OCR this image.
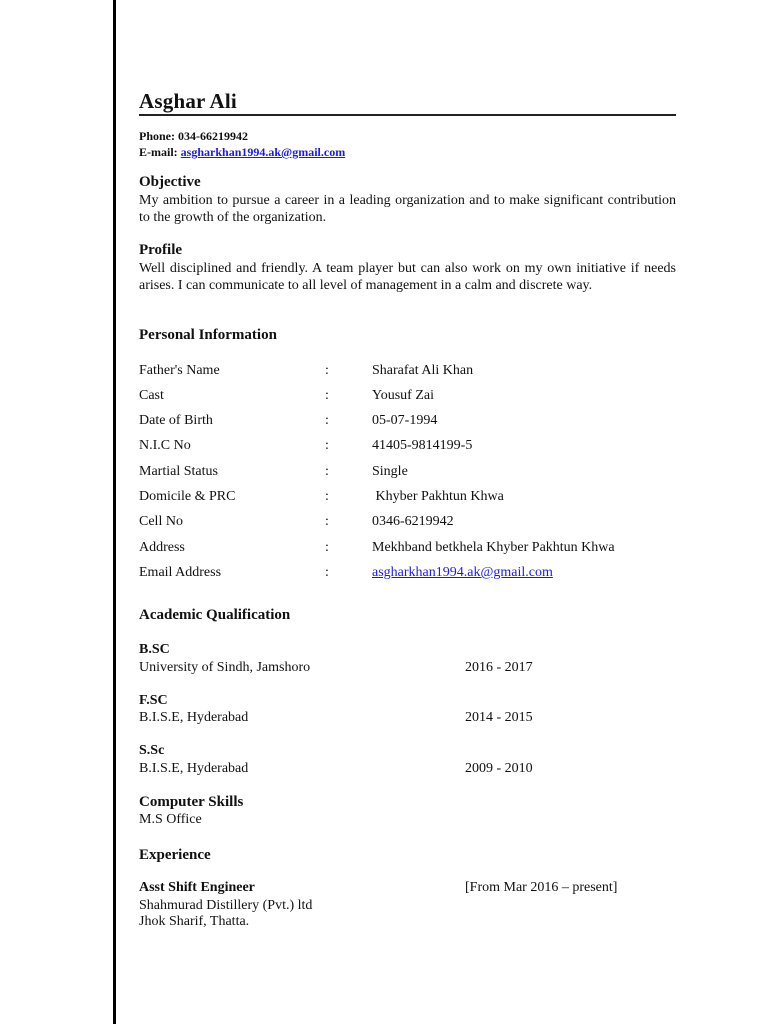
Asghar Ali
Phone: 034-66219942
E-mail: asgharkhan1994.ak@gmail.com
Objective
My ambition to pursue a career in a leading organization and to make significant contribution to the growth of the organization.
Profile
Well disciplined and friendly. A team player but can also work on my own initiative if needs arises. I can communicate to all level of management in a calm and discrete way.
Personal Information
Father's Name	:	Sharafat Ali Khan
Cast	:	Yousuf Zai
Date of Birth	:	05-07-1994
N.I.C No	:	41405-9814199-5
Martial Status	:	Single
Domicile & PRC	:	Khyber Pakhtun Khwa
Cell No	:	0346-6219942
Address	:	Mekhband betkhela Khyber Pakhtun Khwa
Email Address	:	asgharkhan1994.ak@gmail.com
Academic Qualification
B.SC
University of Sindh, Jamshoro	2016 - 2017
F.SC
B.I.S.E, Hyderabad	2014 - 2015
S.Sc
B.I.S.E, Hyderabad	2009 - 2010
Computer Skills
M.S Office
Experience
Asst Shift Engineer	[From Mar 2016 – present]
Shahmurad Distillery (Pvt.) ltd
Jhok Sharif, Thatta.
